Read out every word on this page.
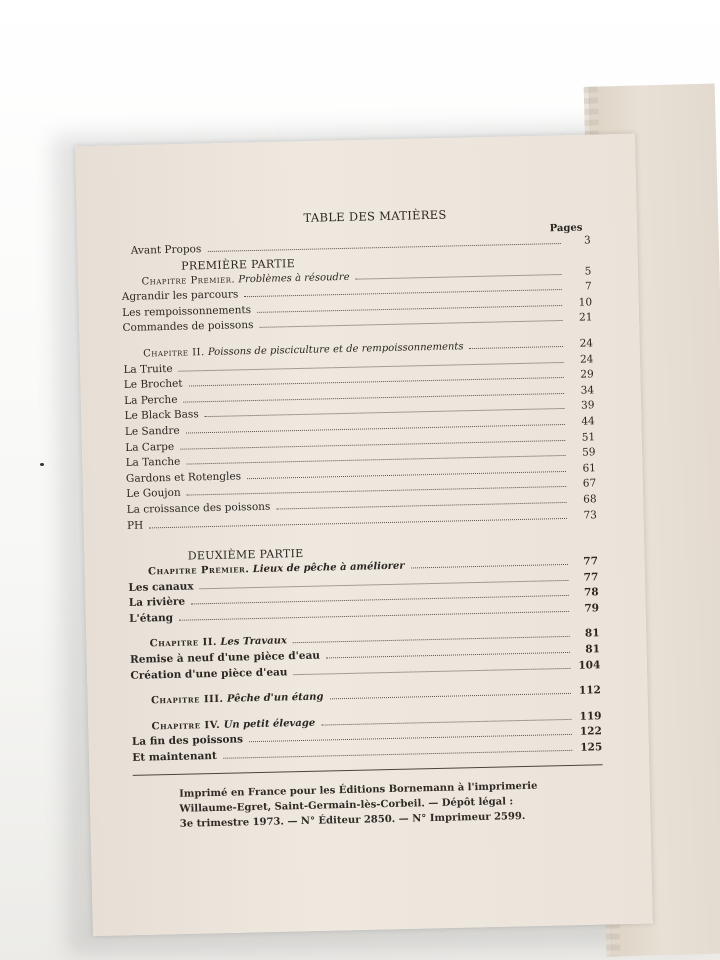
TABLE DES MATIÈRES
Pages
Avant Propos
3
PREMIÈRE PARTIE
Chapitre Premier. Problèmes à résoudre
5
Agrandir les parcours
7
Les rempoissonnements
10
Commandes de poissons
21
Chapitre II. Poissons de pisciculture et de rempoissonnements	24
La Truite
24
Le Brochet
29
La Perche
34
Le Black Bass
39
Le Sandre
44
La Carpe
51
La Tanche
59
Gardons et Rotengles
61
Le Goujon
67
La croissance des poissons
68
PH
73
DEUXIÈME PARTIE
Chapitre Premier. Lieux de pêche à améliorer	77
Les canaux
77
La rivière
78
L'étang
79
Chapitre II. Les Travaux
81
Remise à neuf d'une pièce d'eau
81
Création d'une pièce d'eau
104
Chapitre III. Pêche d'un étang
112
Chapitre IV. Un petit élevage
119
La fin des poissons
122
Et maintenant
125
Imprimé en France pour les Éditions Bornemann à l'imprimerie
Willaume-Egret, Saint-Germain-lès-Corbeil. — Dépôt légal :
3e trimestre 1973. — N° Éditeur 2850. — N° Imprimeur 2599.
